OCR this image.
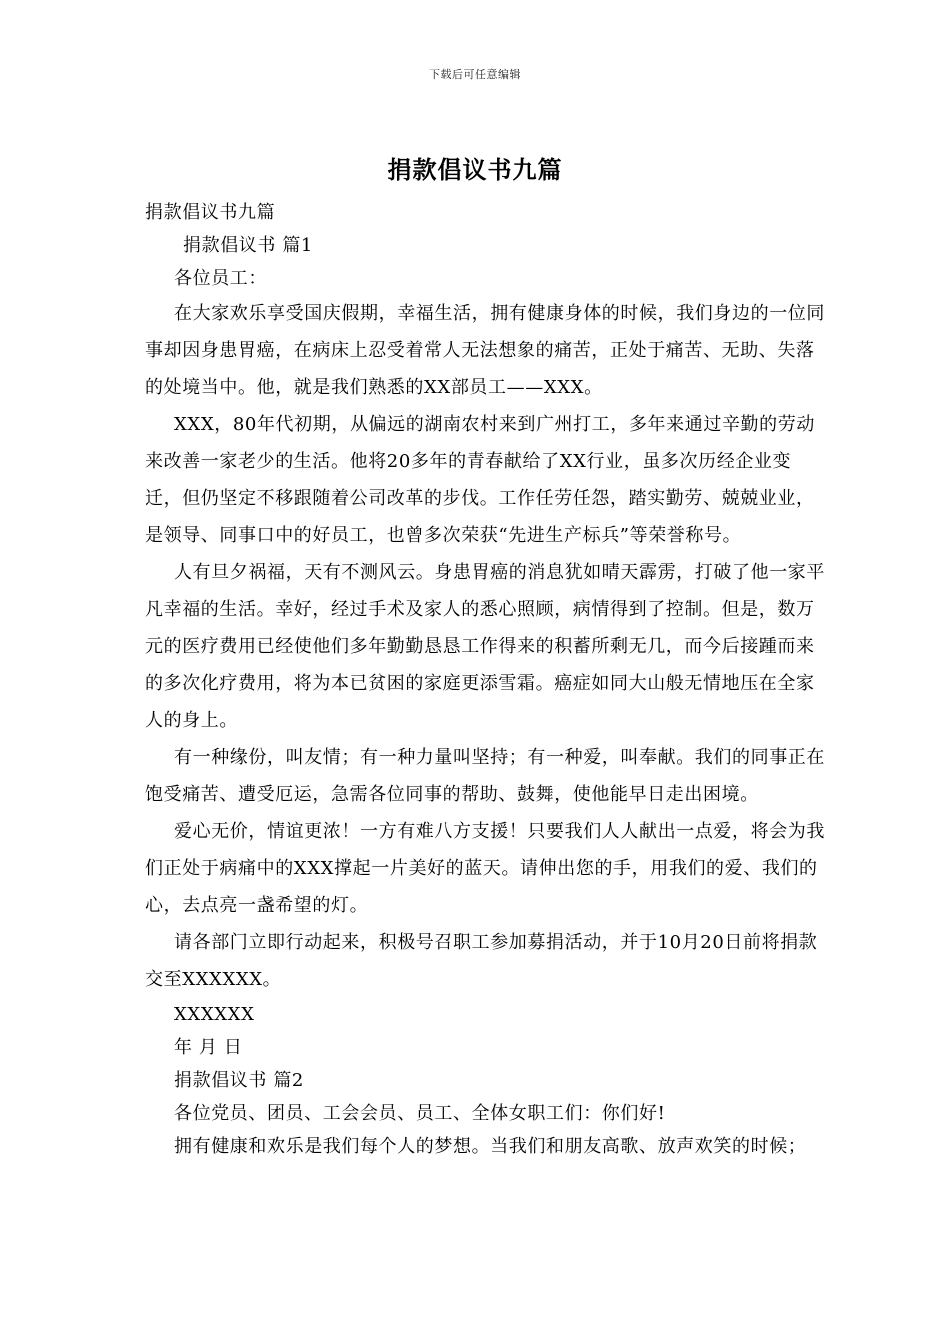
下载后可任意编辑
捐款倡议书九篇

捐款倡议书九篇

捐款倡议书 篇1

各位员工：

在大家欢乐享受国庆假期，幸福生活，拥有健康身体的时候，我们身边的一位同事却因身患胃癌，在病床上忍受着常人无法想象的痛苦，正处于痛苦、无助、失落的处境当中。他，就是我们熟悉的XX部员工——XXX。

XXX，80年代初期，从偏远的湖南农村来到广州打工，多年来通过辛勤的劳动来改善一家老少的生活。他将20多年的青春献给了XX行业，虽多次历经企业变迁，但仍坚定不移跟随着公司改革的步伐。工作任劳任怨，踏实勤劳、兢兢业业，是领导、同事口中的好员工，也曾多次荣获“先进生产标兵”等荣誉称号。

人有旦夕祸福，天有不测风云。身患胃癌的消息犹如晴天霹雳，打破了他一家平凡幸福的生活。幸好，经过手术及家人的悉心照顾，病情得到了控制。但是，数万元的医疗费用已经使他们多年勤勤恳恳工作得来的积蓄所剩无几，而今后接踵而来的多次化疗费用，将为本已贫困的家庭更添雪霜。癌症如同大山般无情地压在全家人的身上。

有一种缘份，叫友情；有一种力量叫坚持；有一种爱，叫奉献。我们的同事正在饱受痛苦、遭受厄运，急需各位同事的帮助、鼓舞，使他能早日走出困境。

爱心无价，情谊更浓！一方有难八方支援！只要我们人人献出一点爱，将会为我们正处于病痛中的XXX撑起一片美好的蓝天。请伸出您的手，用我们的爱、我们的心，去点亮一盏希望的灯。

请各部门立即行动起来，积极号召职工参加募捐活动，并于10月20日前将捐款交至XXXXXX。

XXXXXX

年 月 日

捐款倡议书 篇2

各位党员、团员、工会会员、员工、全体女职工们：你们好!

拥有健康和欢乐是我们每个人的梦想。当我们和朋友高歌、放声欢笑的时候；
